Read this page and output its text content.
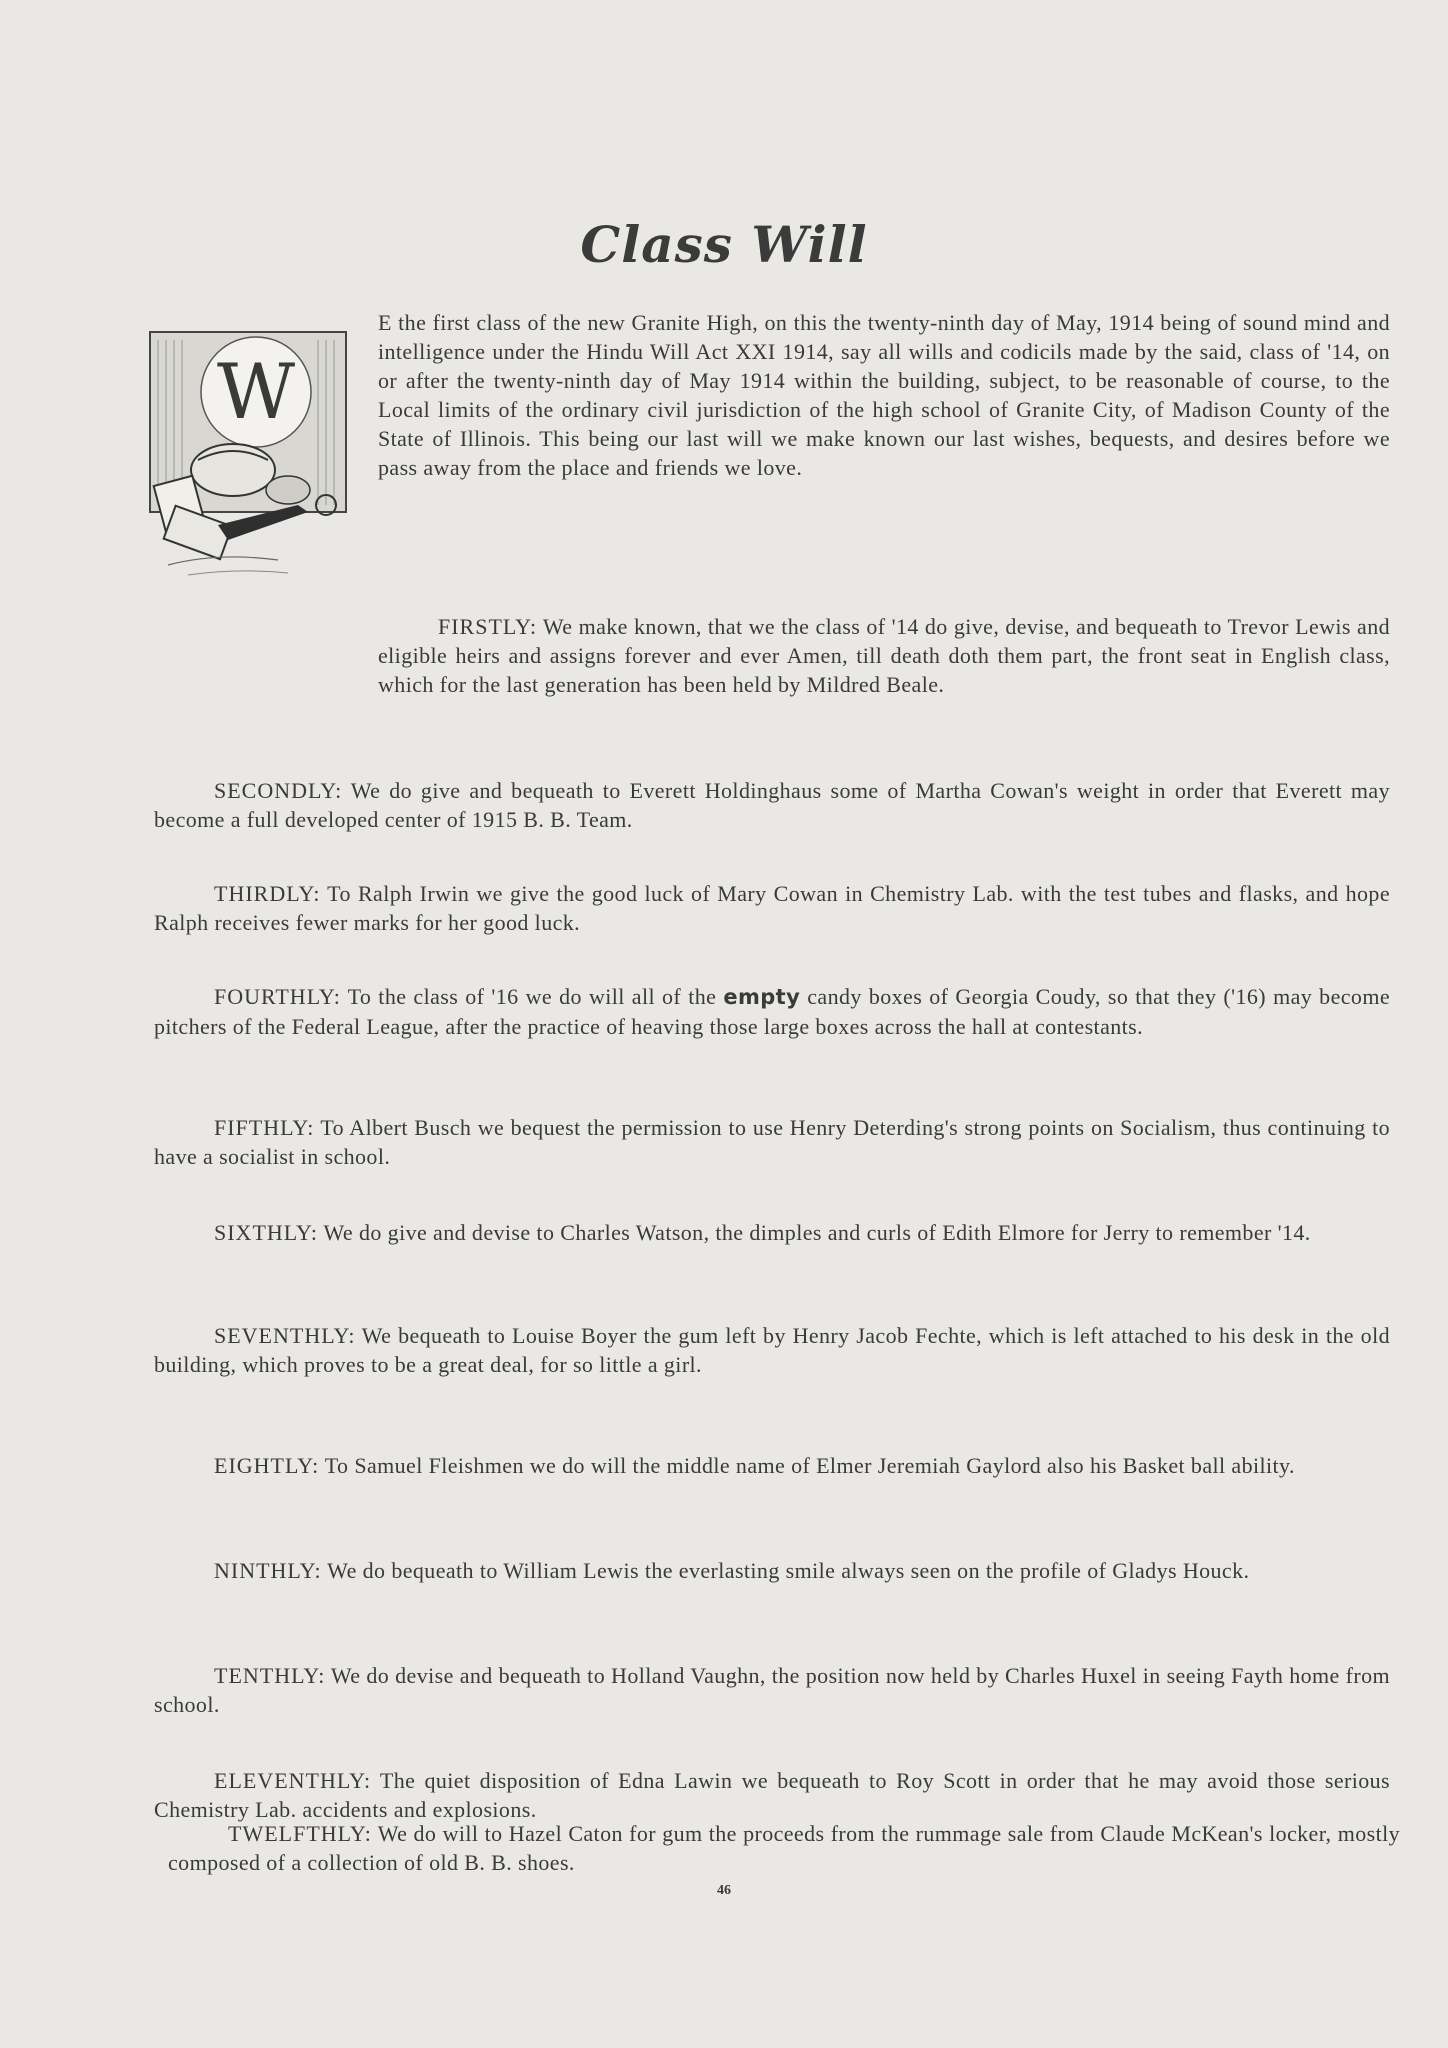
Class Will
W

E the first class of the new Granite High, on this the twenty-ninth day of May, 1914 being of sound mind and intelligence under the Hindu Will Act XXI 1914, say all wills and codicils made by the said, class of '14, on or after the twenty-ninth day of May 1914 within the building, subject, to be reasonable of course, to the Local limits of the ordinary civil jurisdiction of the high school of Granite City, of Madison County of the State of Illinois. This being our last will we make known our last wishes, bequests, and desires before we pass away from the place and friends we love.

FIRSTLY: We make known, that we the class of '14 do give, devise, and bequeath to Trevor Lewis and eligible heirs and assigns forever and ever Amen, till death doth them part, the front seat in English class, which for the last generation has been held by Mildred Beale.

SECONDLY: We do give and bequeath to Everett Holdinghaus some of Martha Cowan's weight in order that Everett may become a full developed center of 1915 B. B. Team.

THIRDLY: To Ralph Irwin we give the good luck of Mary Cowan in Chemistry Lab. with the test tubes and flasks, and hope Ralph receives fewer marks for her good luck.

FOURTHLY: To the class of '16 we do will all of the empty candy boxes of Georgia Coudy, so that they ('16) may become pitchers of the Federal League, after the practice of heaving those large boxes across the hall at contestants.

FIFTHLY: To Albert Busch we bequest the permission to use Henry Deterding's strong points on Socialism, thus continuing to have a socialist in school.

SIXTHLY: We do give and devise to Charles Watson, the dimples and curls of Edith Elmore for Jerry to remember '14.

SEVENTHLY: We bequeath to Louise Boyer the gum left by Henry Jacob Fechte, which is left attached to his desk in the old building, which proves to be a great deal, for so little a girl.

EIGHTLY: To Samuel Fleishmen we do will the middle name of Elmer Jeremiah Gaylord also his Basket ball ability.

NINTHLY: We do bequeath to William Lewis the everlasting smile always seen on the profile of Gladys Houck.

TENTHLY: We do devise and bequeath to Holland Vaughn, the position now held by Charles Huxel in seeing Fayth home from school.

ELEVENTHLY: The quiet disposition of Edna Lawin we bequeath to Roy Scott in order that he may avoid those serious Chemistry Lab. accidents and explosions.

TWELFTHLY: We do will to Hazel Caton for gum the proceeds from the rummage sale from Claude McKean's locker, mostly composed of a collection of old B. B. shoes.

46
